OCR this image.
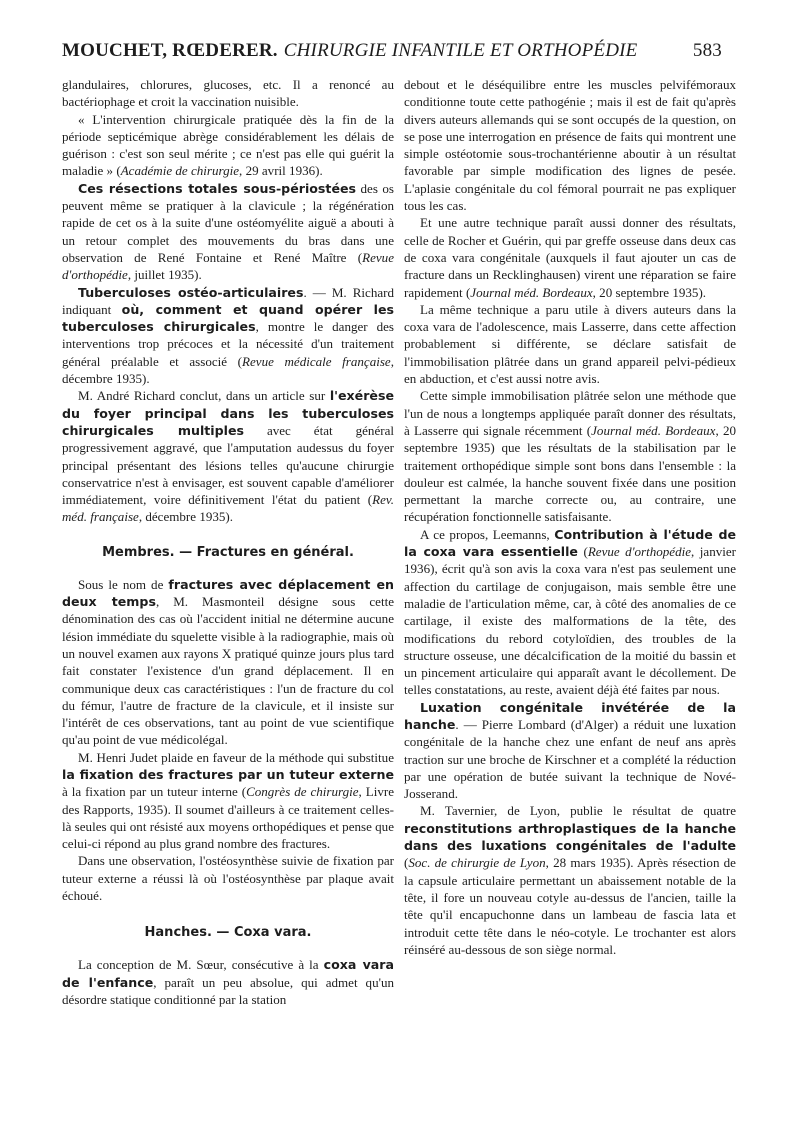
MOUCHET, RŒDERER. CHIRURGIE INFANTILE ET ORTHOPÉDIE	583

glandulaires, chlorures, glucoses, etc. Il a renoncé au bactériophage et croit la vaccination nuisible.

« L'intervention chirurgicale pratiquée dès la fin de la période septicémique abrège considérablement les délais de guérison : c'est son seul mérite ; ce n'est pas elle qui guérit la maladie » (Académie de chirurgie, 29 avril 1936).

Ces résections totales sous-périostées des os peuvent même se pratiquer à la clavicule ; la régénération rapide de cet os à la suite d'une ostéomyélite aiguë a abouti à un retour complet des mouvements du bras dans une observation de René Fontaine et René Maître (Revue d'orthopédie, juillet 1935).

Tuberculoses ostéo-articulaires. — M. Richard indiquant où, comment et quand opérer les tuberculoses chirurgicales, montre le danger des interventions trop précoces et la nécessité d'un traitement général préalable et associé (Revue médicale française, décembre 1935).

M. André Richard conclut, dans un article sur l'exérèse du foyer principal dans les tuberculoses chirurgicales multiples avec état général progressivement aggravé, que l'amputation audessus du foyer principal présentant des lésions telles qu'aucune chirurgie conservatrice n'est à envisager, est souvent capable d'améliorer immédiatement, voire définitivement l'état du patient (Rev. méd. française, décembre 1935).

Membres. — Fractures en général.

Sous le nom de fractures avec déplacement en deux temps, M. Masmonteil désigne sous cette dénomination des cas où l'accident initial ne détermine aucune lésion immédiate du squelette visible à la radiographie, mais où un nouvel examen aux rayons X pratiqué quinze jours plus tard fait constater l'existence d'un grand déplacement. Il en communique deux cas caractéristiques : l'un de fracture du col du fémur, l'autre de fracture de la clavicule, et il insiste sur l'intérêt de ces observations, tant au point de vue scientifique qu'au point de vue médicolégal.

M. Henri Judet plaide en faveur de la méthode qui substitue la fixation des fractures par un tuteur externe à la fixation par un tuteur interne (Congrès de chirurgie, Livre des Rapports, 1935). Il soumet d'ailleurs à ce traitement celles-là seules qui ont résisté aux moyens orthopédiques et pense que celui-ci répond au plus grand nombre des fractures.

Dans une observation, l'ostéosynthèse suivie de fixation par tuteur externe a réussi là où l'ostéosynthèse par plaque avait échoué.

Hanches. — Coxa vara.

La conception de M. Sœur, consécutive à la coxa vara de l'enfance, paraît un peu absolue, qui admet qu'un désordre statique conditionné par la station

debout et le déséquilibre entre les muscles pelvifémoraux conditionne toute cette pathogénie ; mais il est de fait qu'après divers auteurs allemands qui se sont occupés de la question, on se pose une interrogation en présence de faits qui montrent une simple ostéotomie sous-trochantérienne aboutir à un résultat favorable par simple modification des lignes de pesée. L'aplasie congénitale du col fémoral pourrait ne pas expliquer tous les cas.

Et une autre technique paraît aussi donner des résultats, celle de Rocher et Guérin, qui par greffe osseuse dans deux cas de coxa vara congénitale (auxquels il faut ajouter un cas de fracture dans un Recklinghausen) virent une réparation se faire rapidement (Journal méd. Bordeaux, 20 septembre 1935).

La même technique a paru utile à divers auteurs dans la coxa vara de l'adolescence, mais Lasserre, dans cette affection probablement si différente, se déclare satisfait de l'immobilisation plâtrée dans un grand appareil pelvi-pédieux en abduction, et c'est aussi notre avis.

Cette simple immobilisation plâtrée selon une méthode que l'un de nous a longtemps appliquée paraît donner des résultats, à Lasserre qui signale récemment (Journal méd. Bordeaux, 20 septembre 1935) que les résultats de la stabilisation par le traitement orthopédique simple sont bons dans l'ensemble : la douleur est calmée, la hanche souvent fixée dans une position permettant la marche correcte ou, au contraire, une récupération fonctionnelle satisfaisante.

A ce propos, Leemanns, Contribution à l'étude de la coxa vara essentielle (Revue d'orthopédie, janvier 1936), écrit qu'à son avis la coxa vara n'est pas seulement une affection du cartilage de conjugaison, mais semble être une maladie de l'articulation même, car, à côté des anomalies de ce cartilage, il existe des malformations de la tête, des modifications du rebord cotyloïdien, des troubles de la structure osseuse, une décalcification de la moitié du bassin et un pincement articulaire qui apparaît avant le décollement. De telles constatations, au reste, avaient déjà été faites par nous.

Luxation congénitale invétérée de la hanche. — Pierre Lombard (d'Alger) a réduit une luxation congénitale de la hanche chez une enfant de neuf ans après traction sur une broche de Kirschner et a complété la réduction par une opération de butée suivant la technique de Nové-Josserand.

M. Tavernier, de Lyon, publie le résultat de quatre reconstitutions arthroplastiques de la hanche dans des luxations congénitales de l'adulte (Soc. de chirurgie de Lyon, 28 mars 1935). Après résection de la capsule articulaire permettant un abaissement notable de la tête, il fore un nouveau cotyle au-dessus de l'ancien, taille la tête qu'il encapuchonne dans un lambeau de fascia lata et introduit cette tête dans le néo-cotyle. Le trochanter est alors réinséré au-dessous de son siège normal.
